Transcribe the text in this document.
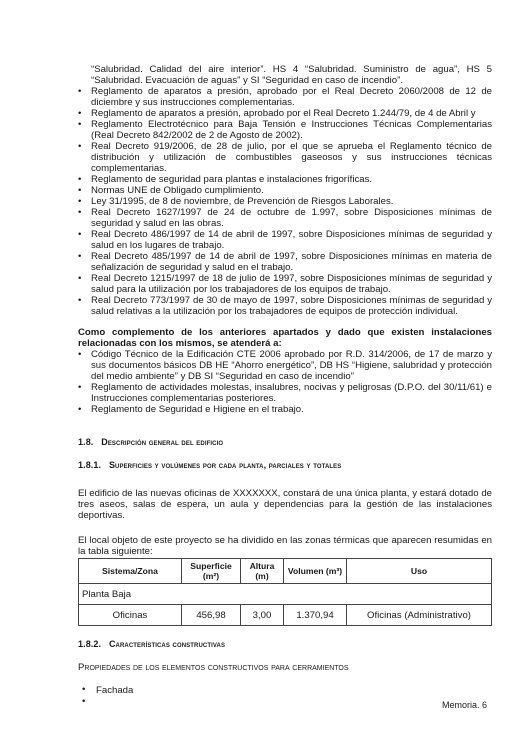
“Salubridad. Calidad del aire interior”. HS 4 “Salubridad. Suministro de agua”, HS 5 “Salubridad. Evacuación de aguas” y SI “Seguridad en caso de incendio”.

• Reglamento de aparatos a presión, aprobado por el Real Decreto 2060/2008 de 12 de diciembre y sus instrucciones complementarias.
• Reglamento de aparatos a presión, aprobado por el Real Decreto 1.244/79, de 4 de Abril y
• Reglamento Electrotécnico para Baja Tensión e Instrucciones Técnicas Complementarias (Real Decreto 842/2002 de 2 de Agosto de 2002).
• Real Decreto 919/2006, de 28 de julio, por el que se aprueba el Reglamento técnico de distribución y utilización de combustibles gaseosos y sus instrucciones técnicas complementarias.
• Reglamento de seguridad para plantas e instalaciones frigoríficas.
• Normas UNE de Obligado cumplimiento.
• Ley 31/1995, de 8 de noviembre, de Prevención de Riesgos Laborales.
• Real Decreto 1627/1997 de 24 de octubre de 1.997, sobre Disposiciones mínimas de seguridad y salud en las obras.
• Real Decreto 486/1997 de 14 de abril de 1997, sobre Disposiciones mínimas de seguridad y salud en los lugares de trabajo.
• Real Decreto 485/1997 de 14 de abril de 1997, sobre Disposiciones mínimas en materia de señalización de seguridad y salud en el trabajo.
• Real Decreto 1215/1997 de 18 de julio de 1997, sobre Disposiciones mínimas de seguridad y salud para la utilización por los trabajadores de los equipos de trabajo.
• Real Decreto 773/1997 de 30 de mayo de 1997, sobre Disposiciones mínimas de seguridad y salud relativas a la utilización por los trabajadores de equipos de protección individual.

Como complemento de los anteriores apartados y dado que existen instalaciones relacionadas con los mismos, se atenderá a:

• Código Técnico de la Edificación CTE 2006 aprobado por R.D. 314/2006, de 17 de marzo y sus documentos básicos DB HE “Ahorro energético”, DB HS “Higiene, salubridad y protección del medio ambiente” y DB SI “Seguridad en caso de incendio”
• Reglamento de actividades molestas, insalubres, nocivas y peligrosas (D.P.O. del 30/11/61) e Instrucciones complementarias posteriores.
• Reglamento de Seguridad e Higiene en el trabajo.
1.8. Descripción general del edificio
1.8.1. Superficies y volúmenes por cada planta, parciales y totales

El edificio de las nuevas oficinas de XXXXXXX, constará de una única planta, y estará dotado de tres aseos, salas de espera, un aula y dependencias para la gestión de las instalaciones deportivas.

El local objeto de este proyecto se ha dividido en las zonas térmicas que aparecen resumidas en la tabla siguiente:

Sistema/Zona	Superficie (m²)	Altura (m)	Volumen (m³)	Uso
Planta Baja				
Oficinas	456,98	3,00	1.370,94	Oficinas (Administrativo)
1.8.2. Características constructivas

Propiedades de los elementos constructivos para cerramientos

• Fachada
•
Memoria. 6
